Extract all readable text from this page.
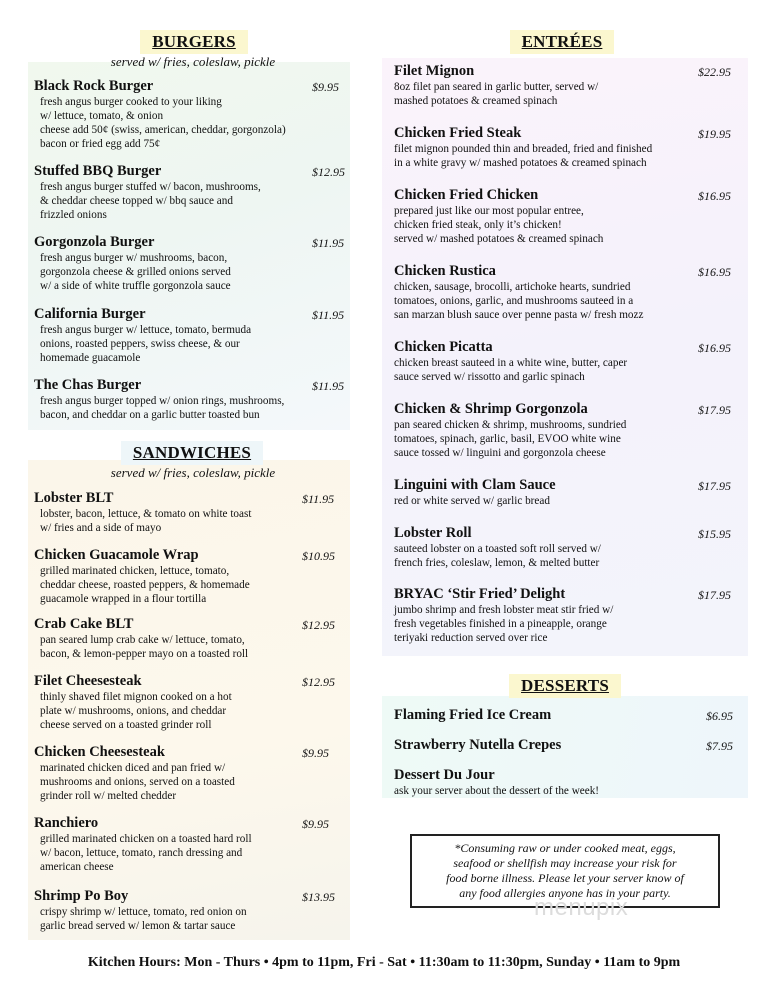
BURGERS
served w/ fries, coleslaw, pickle
SANDWICHES
served w/ fries, coleslaw, pickle
ENTRÉES
DESSERTS
Black Rock Burger
fresh angus burger cooked to your liking
w/ lettuce, tomato, & onion
cheese add 50¢ (swiss, american, cheddar, gorgonzola)
bacon or fried egg add 75¢
$9.95
Stuffed BBQ Burger
fresh angus burger stuffed w/ bacon, mushrooms,
& cheddar cheese topped w/ bbq sauce and
frizzled onions
$12.95
Gorgonzola Burger
fresh angus burger w/ mushrooms, bacon,
gorgonzola cheese & grilled onions served
w/ a side of white truffle gorgonzola sauce
$11.95
California Burger
fresh angus burger w/ lettuce, tomato, bermuda
onions, roasted peppers, swiss cheese, & our
homemade guacamole
$11.95
The Chas Burger
fresh angus burger topped w/ onion rings, mushrooms,
bacon, and cheddar on a garlic butter toasted bun
$11.95
Lobster BLT
lobster, bacon, lettuce, & tomato on white toast
w/ fries and a side of mayo
$11.95
Chicken Guacamole Wrap
grilled marinated chicken, lettuce, tomato,
cheddar cheese, roasted peppers, & homemade
guacamole wrapped in a flour tortilla
$10.95
Crab Cake BLT
pan seared lump crab cake w/ lettuce, tomato,
bacon, & lemon-pepper mayo on a toasted roll
$12.95
Filet Cheesesteak
thinly shaved filet mignon cooked on a hot
plate w/ mushrooms, onions, and cheddar
cheese served on a toasted grinder roll
$12.95
Chicken Cheesesteak
marinated chicken diced and pan fried w/
mushrooms and onions, served on a toasted
grinder roll w/ melted chedder
$9.95
Ranchiero
grilled marinated chicken on a toasted hard roll
w/ bacon, lettuce, tomato, ranch dressing and
american cheese
$9.95
Shrimp Po Boy
crispy shrimp w/ lettuce, tomato, red onion on
garlic bread served w/ lemon & tartar sauce
$13.95
Filet Mignon
8oz filet pan seared in garlic butter, served w/
mashed potatoes & creamed spinach
$22.95
Chicken Fried Steak
filet mignon pounded thin and breaded, fried and finished
in a white gravy w/ mashed potatoes & creamed spinach
$19.95
Chicken Fried Chicken
prepared just like our most popular entree,
chicken fried steak, only it’s chicken!
served w/ mashed potatoes & creamed spinach
$16.95
Chicken Rustica
chicken, sausage, brocolli, artichoke hearts, sundried
tomatoes, onions, garlic, and mushrooms sauteed in a
san marzan blush sauce over penne pasta w/ fresh mozz
$16.95
Chicken Picatta
chicken breast sauteed in a white wine, butter, caper
sauce served w/ rissotto and garlic spinach
$16.95
Chicken & Shrimp Gorgonzola
pan seared chicken & shrimp, mushrooms, sundried
tomatoes, spinach, garlic, basil, EVOO white wine
sauce tossed w/ linguini and gorgonzola cheese
$17.95
Linguini with Clam Sauce
red or white served w/ garlic bread
$17.95
Lobster Roll
sauteed lobster on a toasted soft roll served w/
french fries, coleslaw, lemon, & melted butter
$15.95
BRYAC ‘Stir Fried’ Delight
jumbo shrimp and fresh lobster meat stir fried w/
fresh vegetables finished in a pineapple, orange
teriyaki reduction served over rice
$17.95
Flaming Fried Ice Cream	$6.95
Strawberry Nutella Crepes	$7.95
Dessert Du Jour
ask your server about the dessert of the week!
*Consuming raw or under cooked meat, eggs,
seafood or shellfish may increase your risk for
food borne illness. Please let your server know of
any food allergies anyone has in your party.
menupix
Kitchen Hours: Mon - Thurs • 4pm to 11pm, Fri - Sat • 11:30am to 11:30pm, Sunday • 11am to 9pm
